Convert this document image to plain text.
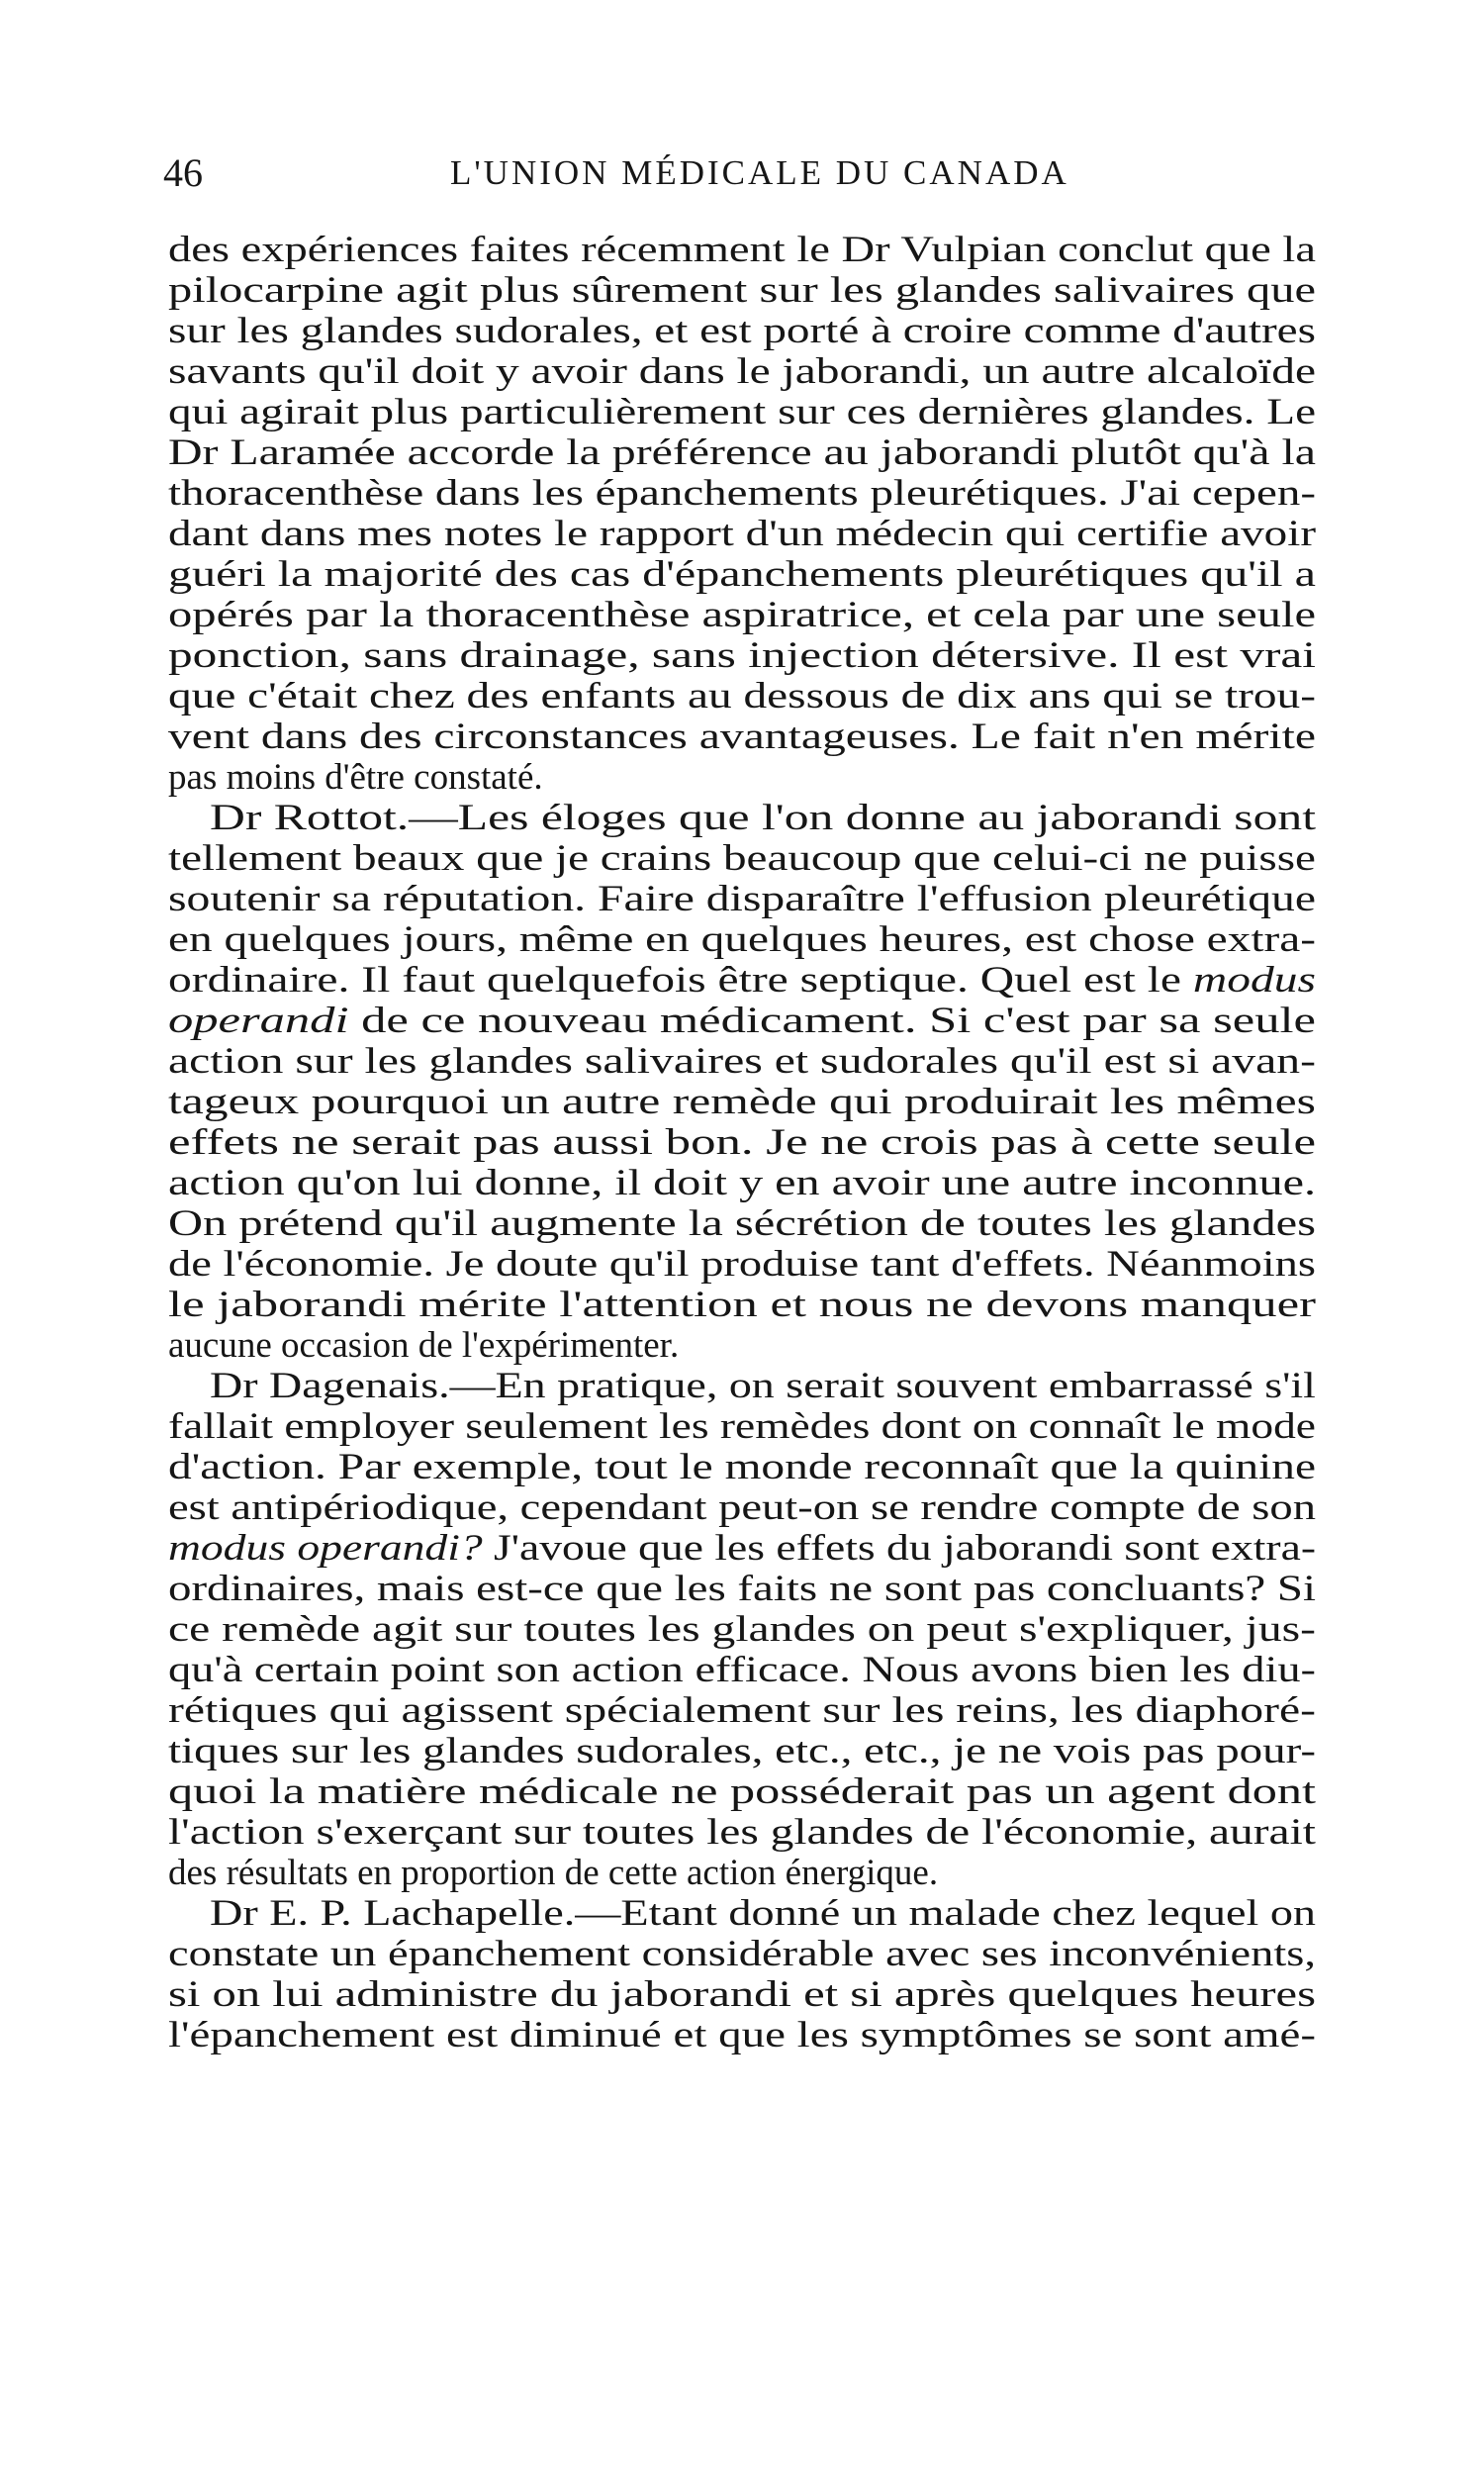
46	L'UNION MÉDICALE DU CANADA
des expériences faites récemment le Dr Vulpian conclut que la
pilocarpine agit plus sûrement sur les glandes salivaires que
sur les glandes sudorales, et est porté à croire comme d'autres
savants qu'il doit y avoir dans le jaborandi, un autre alcaloïde
qui agirait plus particulièrement sur ces dernières glandes. Le
Dr Laramée accorde la préférence au jaborandi plutôt qu'à la
thoracenthèse dans les épanchements pleurétiques. J'ai cepen-
dant dans mes notes le rapport d'un médecin qui certifie avoir
guéri la majorité des cas d'épanchements pleurétiques qu'il a
opérés par la thoracenthèse aspiratrice, et cela par une seule
ponction, sans drainage, sans injection détersive. Il est vrai
que c'était chez des enfants au dessous de dix ans qui se trou-
vent dans des circonstances avantageuses. Le fait n'en mérite
pas moins d'être constaté.
Dr Rottot.—Les éloges que l'on donne au jaborandi sont
tellement beaux que je crains beaucoup que celui-ci ne puisse
soutenir sa réputation. Faire disparaître l'effusion pleurétique
en quelques jours, même en quelques heures, est chose extra-
ordinaire. Il faut quelquefois être septique. Quel est le modus
operandi de ce nouveau médicament. Si c'est par sa seule
action sur les glandes salivaires et sudorales qu'il est si avan-
tageux pourquoi un autre remède qui produirait les mêmes
effets ne serait pas aussi bon. Je ne crois pas à cette seule
action qu'on lui donne, il doit y en avoir une autre inconnue.
On prétend qu'il augmente la sécrétion de toutes les glandes
de l'économie. Je doute qu'il produise tant d'effets. Néanmoins
le jaborandi mérite l'attention et nous ne devons manquer
aucune occasion de l'expérimenter.
Dr Dagenais.—En pratique, on serait souvent embarrassé s'il
fallait employer seulement les remèdes dont on connaît le mode
d'action. Par exemple, tout le monde reconnaît que la quinine
est antipériodique, cependant peut-on se rendre compte de son
modus operandi? J'avoue que les effets du jaborandi sont extra-
ordinaires, mais est-ce que les faits ne sont pas concluants? Si
ce remède agit sur toutes les glandes on peut s'expliquer, jus-
qu'à certain point son action efficace. Nous avons bien les diu-
rétiques qui agissent spécialement sur les reins, les diaphoré-
tiques sur les glandes sudorales, etc., etc., je ne vois pas pour-
quoi la matière médicale ne posséderait pas un agent dont
l'action s'exerçant sur toutes les glandes de l'économie, aurait
des résultats en proportion de cette action énergique.
Dr E. P. Lachapelle.—Etant donné un malade chez lequel on
constate un épanchement considérable avec ses inconvénients,
si on lui administre du jaborandi et si après quelques heures
l'épanchement est diminué et que les symptômes se sont amé-
